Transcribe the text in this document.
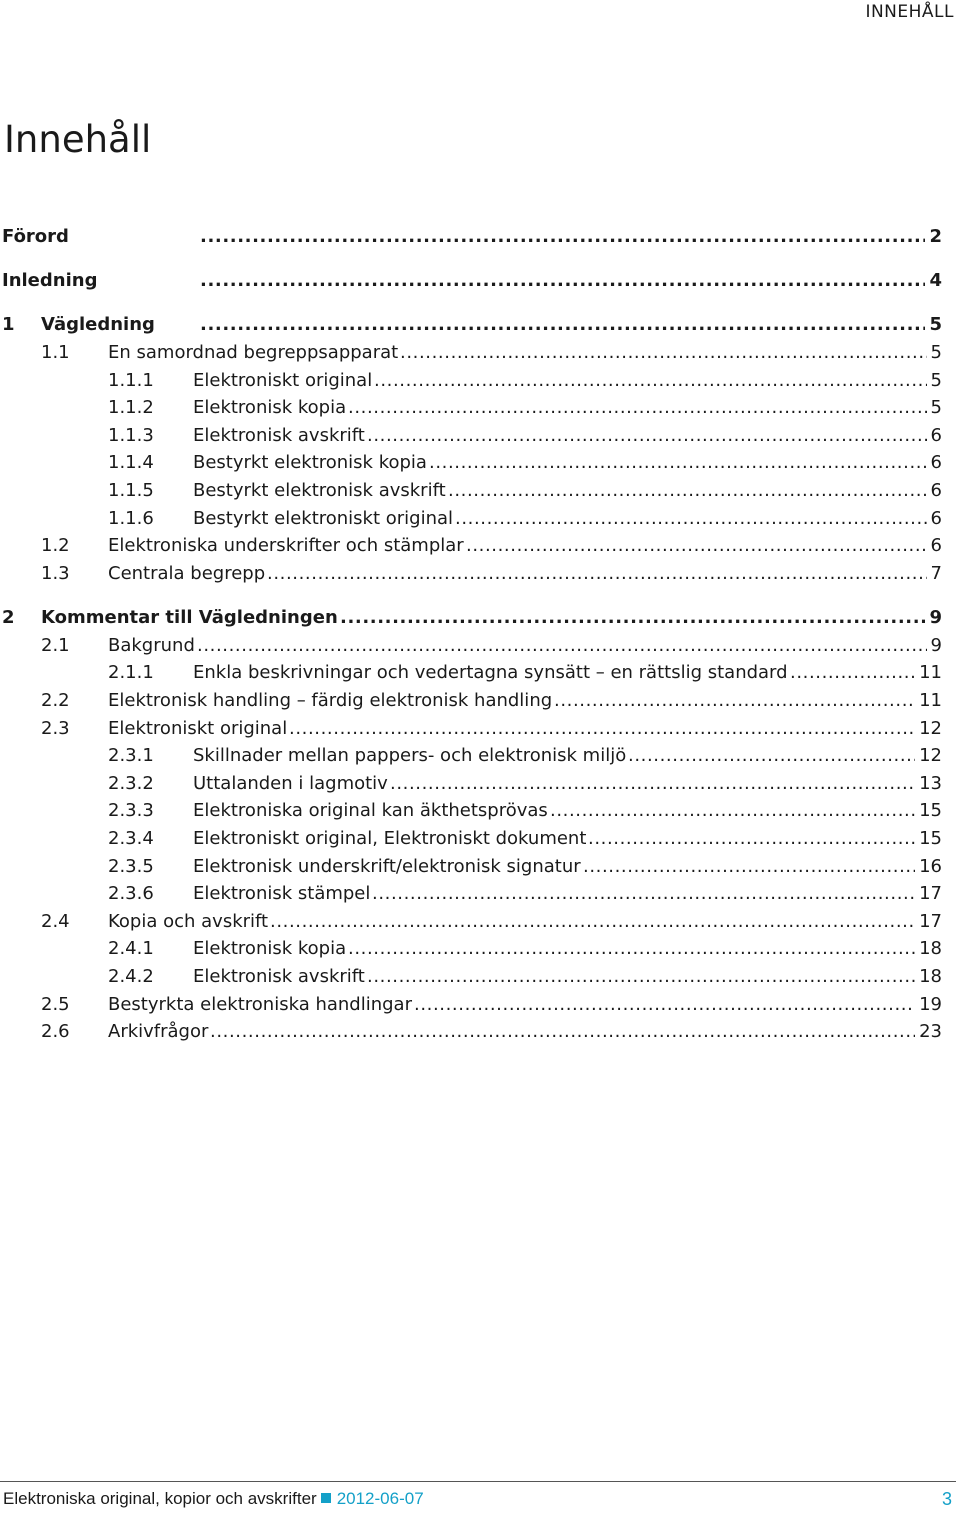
INNEHÅLL
Innehåll
Förord .....	2
Inledning .....	4
1 Vägledning .....	5
1.1 En samordnad begreppsapparat .....	5
1.1.1 Elektroniskt original .....	5
1.1.2 Elektronisk kopia .....	5
1.1.3 Elektronisk avskrift .....	6
1.1.4 Bestyrkt elektronisk kopia .....	6
1.1.5 Bestyrkt elektronisk avskrift .....	6
1.1.6 Bestyrkt elektroniskt original .....	6
1.2 Elektroniska underskrifter och stämplar .....	6
1.3 Centrala begrepp .....	7
2 Kommentar till Vägledningen .....	9
2.1 Bakgrund .....	9
2.1.1 Enkla beskrivningar och vedertagna synsätt – en rättslig standard .....	11
2.2 Elektronisk handling – färdig elektronisk handling .....	11
2.3 Elektroniskt original .....	12
2.3.1 Skillnader mellan pappers- och elektronisk miljö .....	12
2.3.2 Uttalanden i lagmotiv .....	13
2.3.3 Elektroniska original kan äkthetsprövas .....	15
2.3.4 Elektroniskt original, Elektroniskt dokument .....	15
2.3.5 Elektronisk underskrift/elektronisk signatur .....	16
2.3.6 Elektronisk stämpel .....	17
2.4 Kopia och avskrift .....	17
2.4.1 Elektronisk kopia .....	18
2.4.2 Elektronisk avskrift .....	18
2.5 Bestyrkta elektroniska handlingar .....	19
2.6 Arkivfrågor .....	23
Elektroniska original, kopior och avskrifter 2012-06-07	3
